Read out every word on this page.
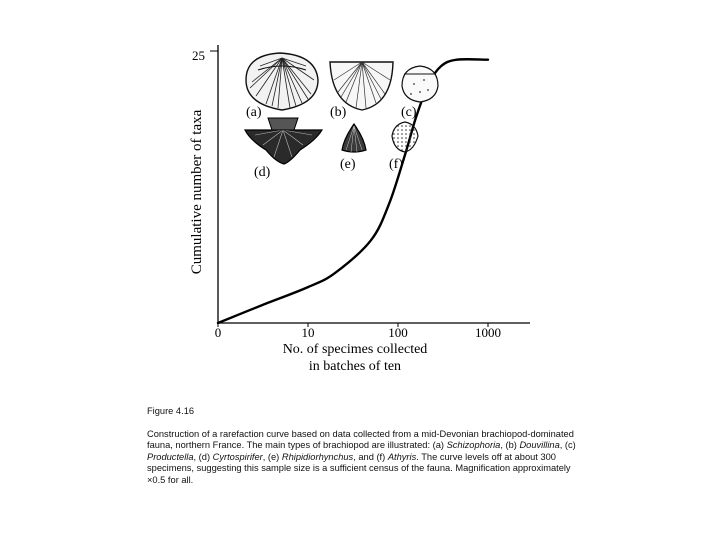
25
0	10	100	1000
Cumulative number of taxa
No. of specimes collected
in batches of ten
(a)	(b)	(c)
(d)
(e) (f)

Figure 4.16

Construction of a rarefaction curve based on data collected from a mid-Devonian brachiopod-dominated fauna, northern France. The main types of brachiopod are illustrated: (a) Schizophoria, (b) Douvillina, (c) Productella, (d) Cyrtospirifer, (e) Rhipidiorhynchus, and (f) Athyris. The curve levels off at about 300 specimens, suggesting this sample size is a sufficient census of the fauna. Magnification approximately ×0.5 for all.
